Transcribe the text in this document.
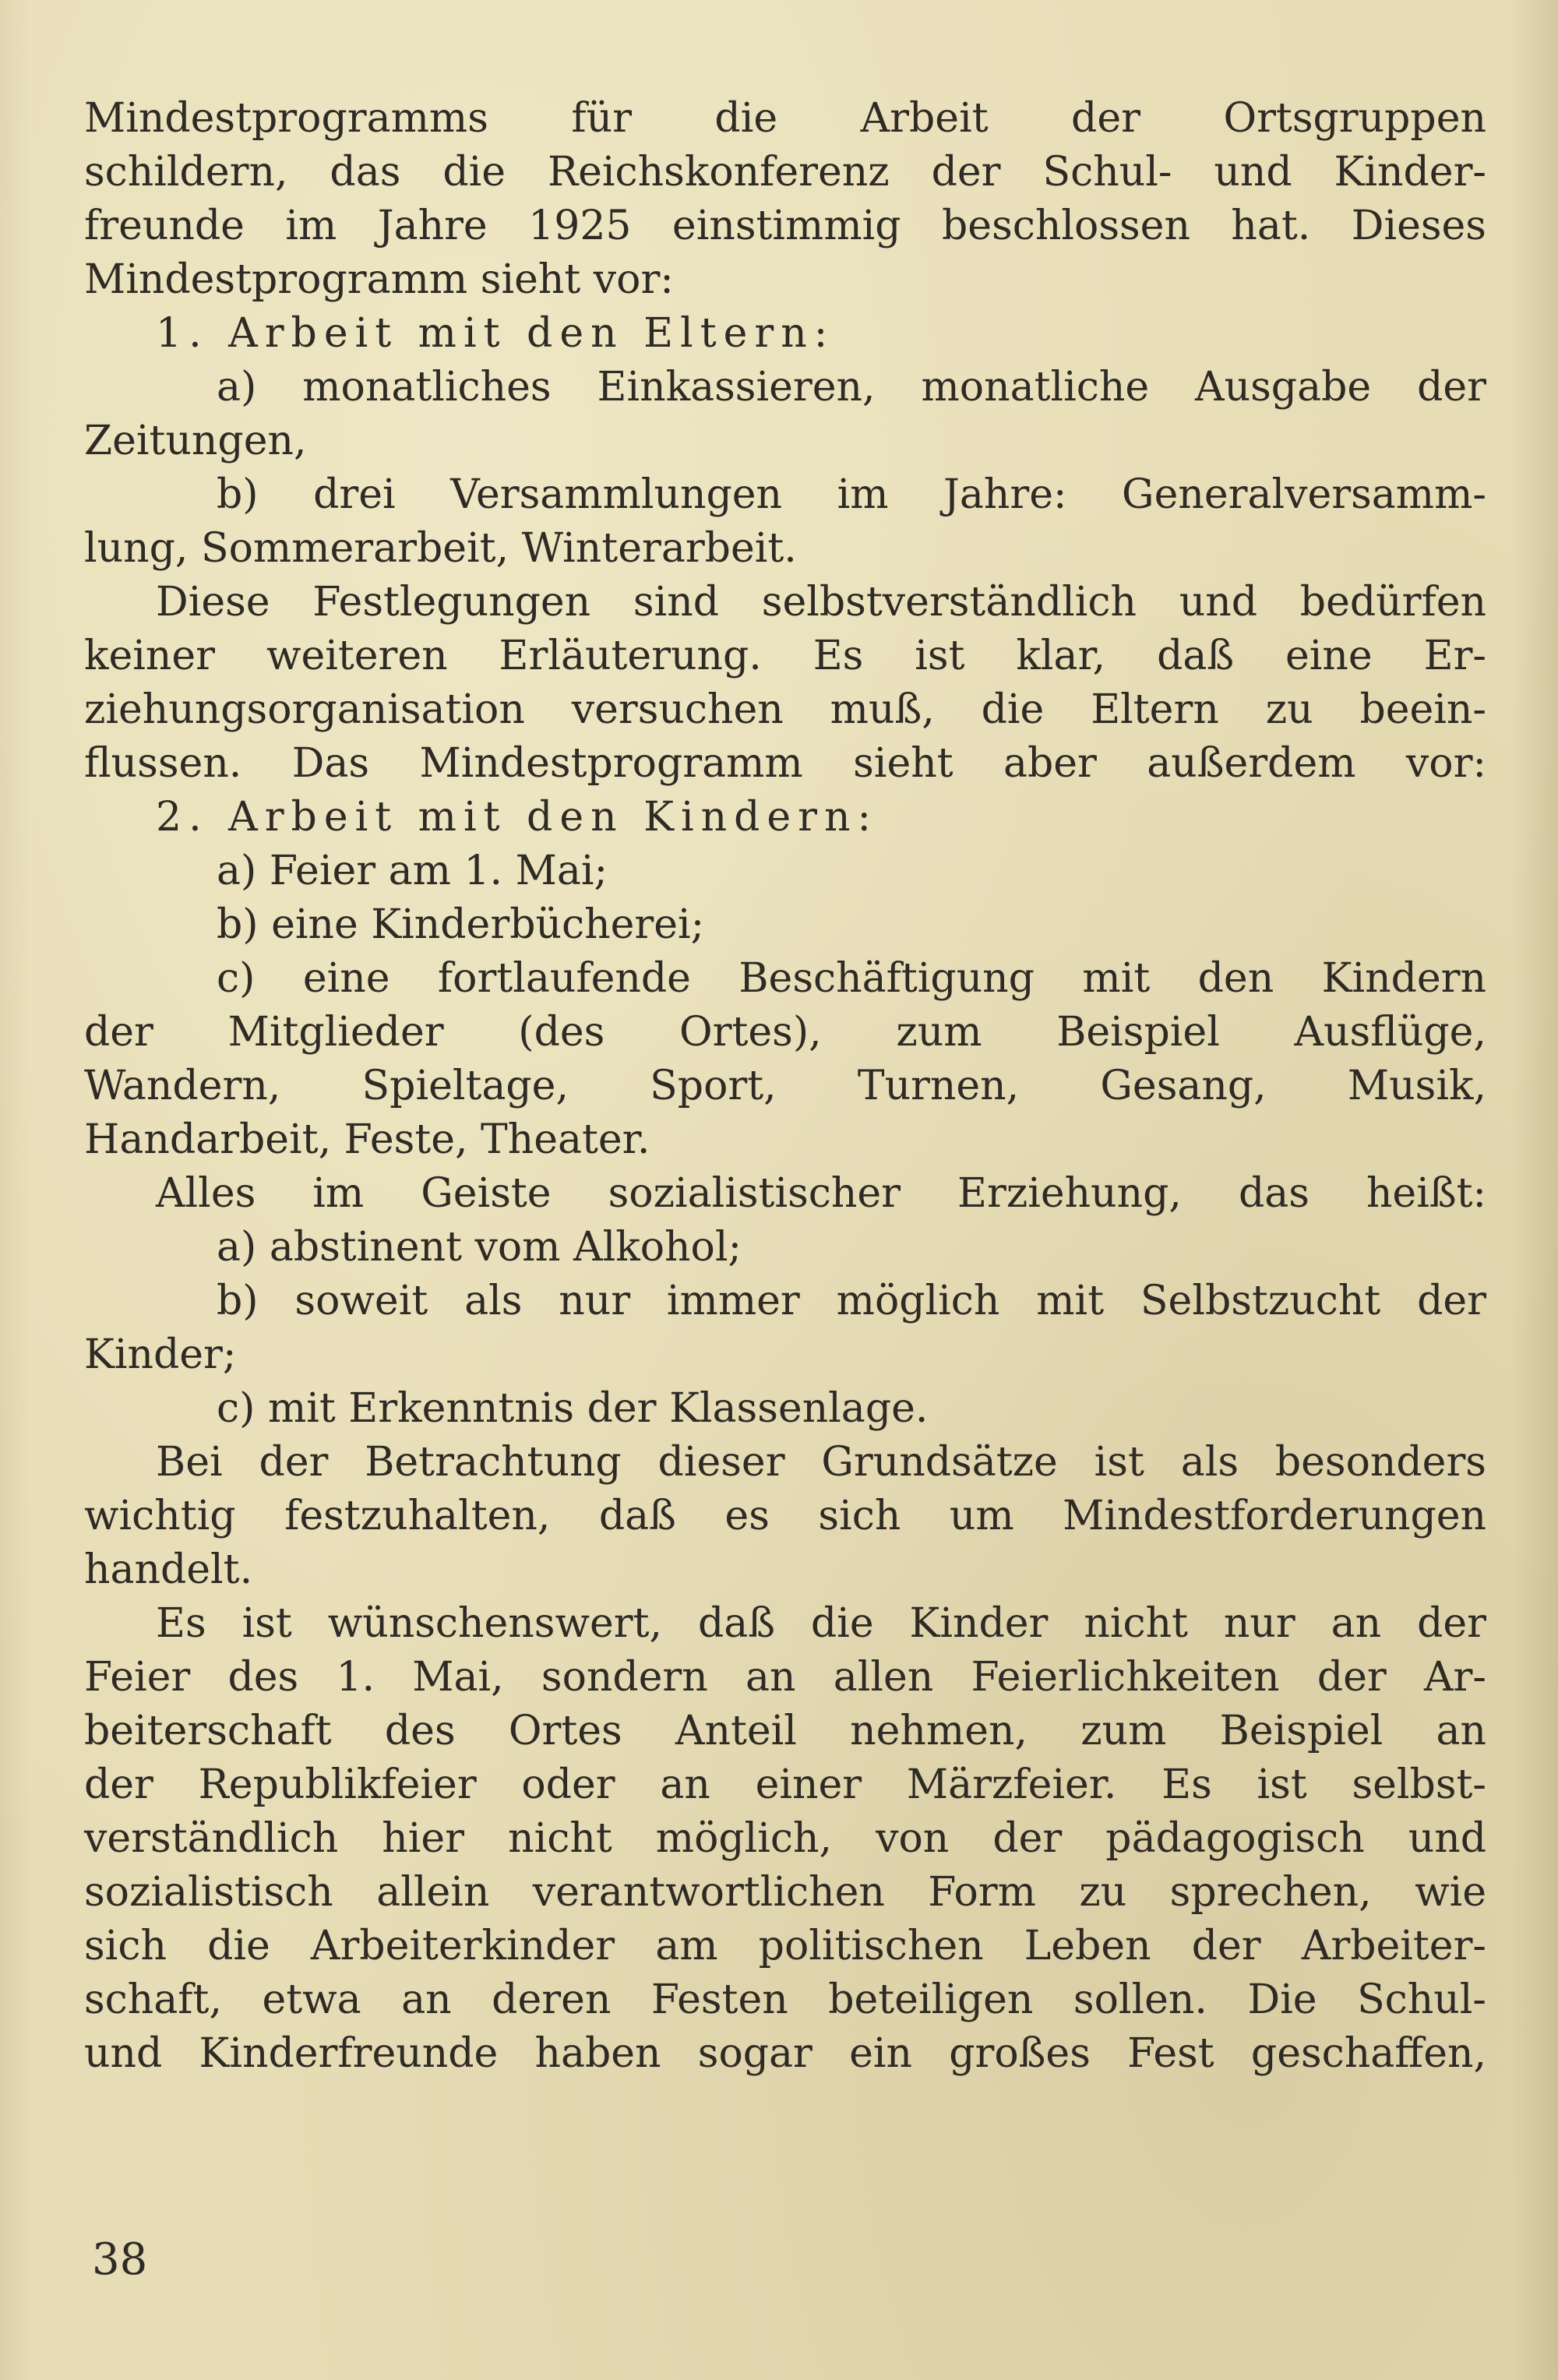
Mindestprogramms für die Arbeit der Ortsgruppen
schildern, das die Reichskonferenz der Schul- und Kinder-
freunde im Jahre 1925 einstimmig beschlossen hat. Dieses
Mindestprogramm sieht vor:
1. Arbeit mit den Eltern:
a) monatliches Einkassieren, monatliche Ausgabe der
Zeitungen,
b) drei Versammlungen im Jahre: Generalversamm-
lung, Sommerarbeit, Winterarbeit.
Diese Festlegungen sind selbstverständlich und bedürfen
keiner weiteren Erläuterung. Es ist klar, daß eine Er-
ziehungsorganisation versuchen muß, die Eltern zu beein-
flussen. Das Mindestprogramm sieht aber außerdem vor:
2. Arbeit mit den Kindern:
a) Feier am 1. Mai;
b) eine Kinderbücherei;
c) eine fortlaufende Beschäftigung mit den Kindern
der Mitglieder (des Ortes), zum Beispiel Ausflüge,
Wandern, Spieltage, Sport, Turnen, Gesang, Musik,
Handarbeit, Feste, Theater.
Alles im Geiste sozialistischer Erziehung, das heißt:
a) abstinent vom Alkohol;
b) soweit als nur immer möglich mit Selbstzucht der
Kinder;
c) mit Erkenntnis der Klassenlage.
Bei der Betrachtung dieser Grundsätze ist als besonders
wichtig festzuhalten, daß es sich um Mindestforderungen
handelt.
Es ist wünschenswert, daß die Kinder nicht nur an der
Feier des 1. Mai, sondern an allen Feierlichkeiten der Ar-
beiterschaft des Ortes Anteil nehmen, zum Beispiel an
der Republikfeier oder an einer Märzfeier. Es ist selbst-
verständlich hier nicht möglich, von der pädagogisch und
sozialistisch allein verantwortlichen Form zu sprechen, wie
sich die Arbeiterkinder am politischen Leben der Arbeiter-
schaft, etwa an deren Festen beteiligen sollen. Die Schul-
und Kinderfreunde haben sogar ein großes Fest geschaffen,
38
